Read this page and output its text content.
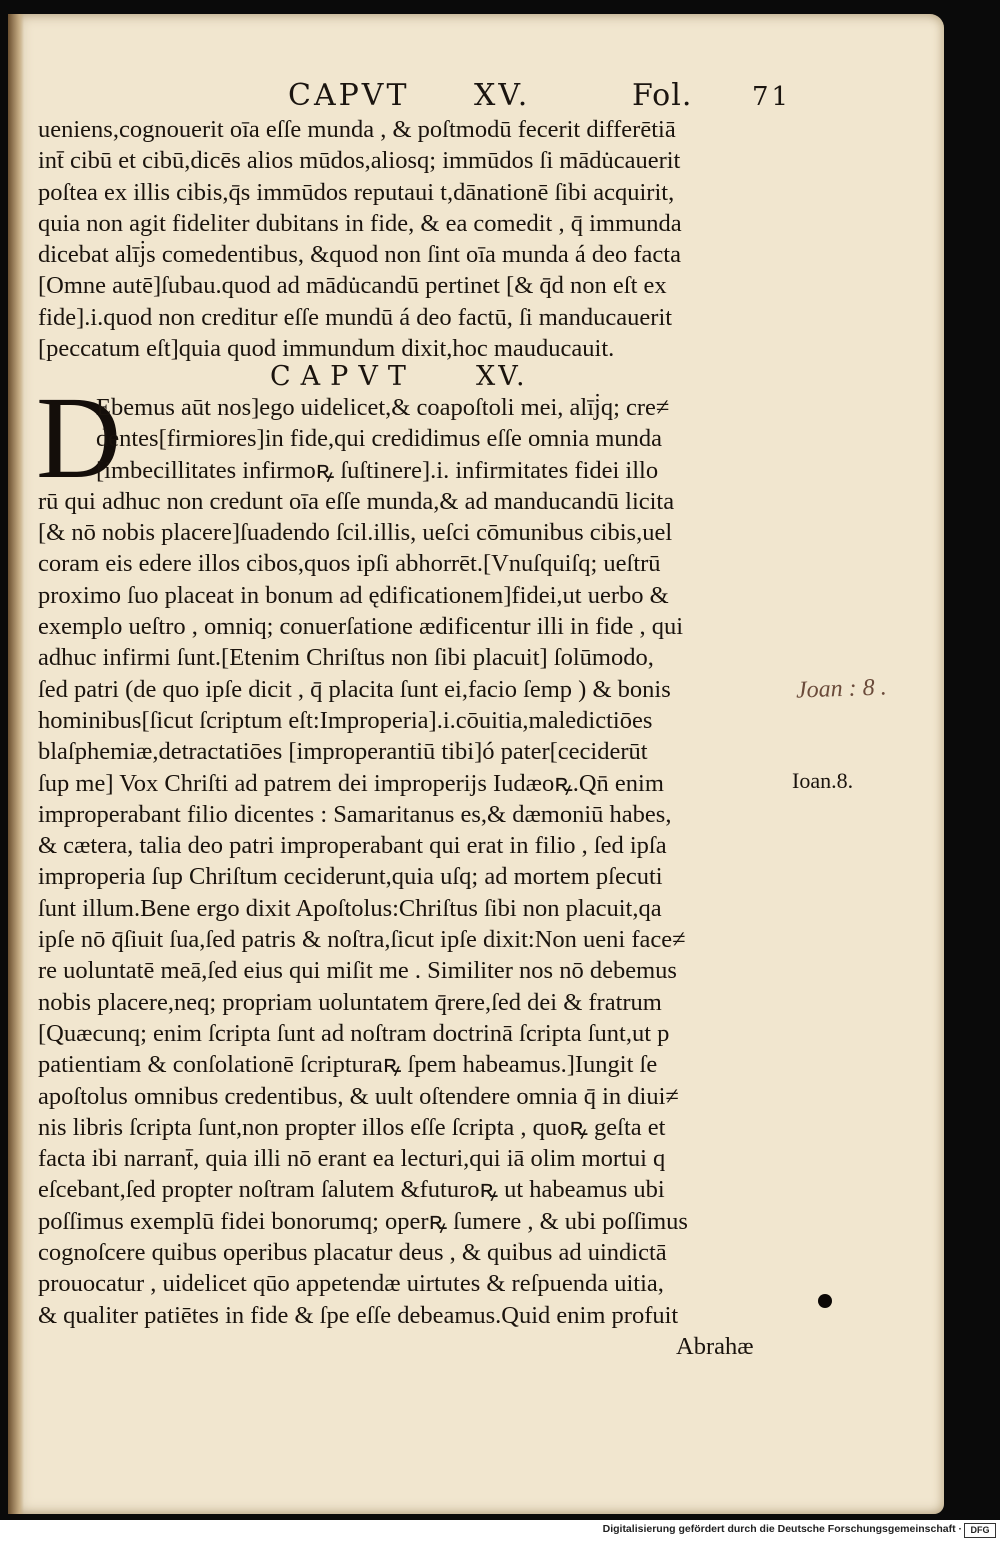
CAPVT XV.	Fol. 71
ueniens,cognouerit oīa eſſe munda , & poſtmodū fecerit differētiā
int̄ cibū et cibū,dicēs alios mūdos,aliosq; immūdos ſi mādu̇cauerit
poſtea ex illis cibis,q̄s immūdos reputaui t,dānationē ſibi acquirit,
quia non agit fideliter dubitans in fide, & ea comedit , q̄ immunda
dicebat alīj̇s comedentibus, &quod non ſint oīa munda á deo facta
[Omne autē]ſubau.quod ad mādu̇candū pertinet [& q̄d non eſt ex
fide].i.quod non creditur eſſe mundū á deo factū, ſi manducauerit
[peccatum eſt]quia quod immundum dixit,hoc mauducauit.
CAPVT XV.
D
Ebemus aūt nos]ego uidelicet,& coapoſtoli mei, alīj̇q; cre≠
dentes[firmiores]in fide,qui credidimus eſſe omnia munda
[imbecillitates infirmoꝶ ſuſtinere].i. infirmitates fidei illo
rū qui adhuc non credunt oīa eſſe munda,& ad manducandū licita
[& nō nobis placere]ſuadendo ſcil.illis, ueſci cōmunibus cibis,uel
coram eis edere illos cibos,quos ipſi abhorrēt.[Vnuſquiſq; ueſtrū
proximo ſuo placeat in bonum ad ędificationem]fidei,ut uerbo &
exemplo ueſtro , omniq; conuerſatione ædificentur illi in fide , qui
adhuc infirmi ſunt.[Etenim Chriſtus non ſibi placuit] ſolūmodo,
ſed patri (de quo ipſe dicit , q̄ placita ſunt ei,facio ſemp ) & bonis
hominibus[ſicut ſcriptum eſt:Improperia].i.cōuitia,maledictiōes
blaſphemiæ,detractatiōes [improperantiū tibi]ó pater[ceciderūt
ſup me] Vox Chriſti ad patrem dei improperijs Iudæoꝶ.Qn̄ enim
improperabant filio dicentes : Samaritanus es,& dæmoniū habes,
& cætera, talia deo patri improperabant qui erat in filio , ſed ipſa
improperia ſup Chriſtum ceciderunt,quia uſq; ad mortem pſecuti
ſunt illum.Bene ergo dixit Apoſtolus:Chriſtus ſibi non placuit,qa
ipſe nō q̄ſiuit ſua,ſed patris & noſtra,ſicut ipſe dixit:Non ueni face≠
re uoluntatē meā,ſed eius qui miſit me . Similiter nos nō debemus
nobis placere,neq; propriam uoluntatem q̄rere,ſed dei & fratrum
[Quæcunq; enim ſcripta ſunt ad noſtram doctrinā ſcripta ſunt,ut p
patientiam & conſolationē ſcripturaꝶ ſpem habeamus.]Iungit ſe
apoſtolus omnibus credentibus, & uult oſtendere omnia q̄ in diui≠
nis libris ſcripta ſunt,non propter illos eſſe ſcripta , quoꝶ geſta et
facta ibi narrant̄, quia illi nō erant ea lecturi,qui iā olim mortui q
eſcebant,ſed propter noſtram ſalutem &futuroꝶ ut habeamus ubi
poſſimus exemplū fidei bonorumq; operꝶ ſumere , & ubi poſſimus
cognoſcere quibus operibus placatur deus , & quibus ad uindictā
prouocatur , uidelicet qūo appetendæ uirtutes & reſpuenda uitia,
& qualiter patiētes in fide & ſpe eſſe debeamus.Quid enim profuit
Abrahæ
Joan : 8 .
Ioan.8.
Digitalisierung gefördert durch die Deutsche Forschungsgemeinschaft · DFG
